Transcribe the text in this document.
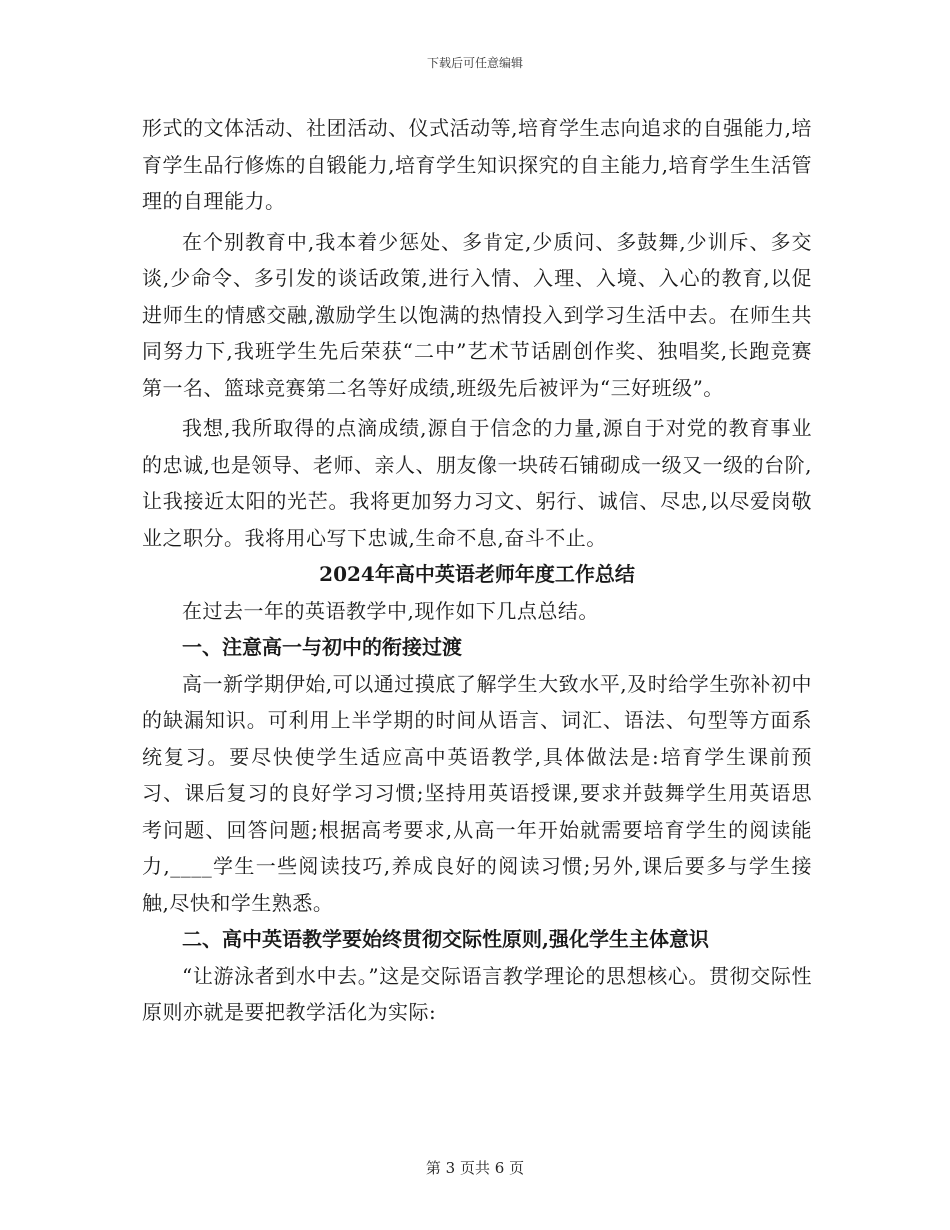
下载后可任意编辑

形式的文体活动、社团活动、仪式活动等,培育学生志向追求的自强能力,培育学生品行修炼的自锻能力,培育学生知识探究的自主能力,培育学生生活管理的自理能力。

在个别教育中,我本着少惩处、多肯定,少质问、多鼓舞,少训斥、多交谈,少命令、多引发的谈话政策,进行入情、入理、入境、入心的教育,以促进师生的情感交融,激励学生以饱满的热情投入到学习生活中去。在师生共同努力下,我班学生先后荣获“二中”艺术节话剧创作奖、独唱奖,长跑竞赛第一名、篮球竞赛第二名等好成绩,班级先后被评为“三好班级”。

我想,我所取得的点滴成绩,源自于信念的力量,源自于对党的教育事业的忠诚,也是领导、老师、亲人、朋友像一块砖石铺砌成一级又一级的台阶,让我接近太阳的光芒。我将更加努力习文、躬行、诚信、尽忠,以尽爱岗敬业之职分。我将用心写下忠诚,生命不息,奋斗不止。

2024年高中英语老师年度工作总结

在过去一年的英语教学中,现作如下几点总结。

一、注意高一与初中的衔接过渡

高一新学期伊始,可以通过摸底了解学生大致水平,及时给学生弥补初中的缺漏知识。可利用上半学期的时间从语言、词汇、语法、句型等方面系统复习。要尽快使学生适应高中英语教学,具体做法是:培育学生课前预习、课后复习的良好学习习惯;坚持用英语授课,要求并鼓舞学生用英语思考问题、回答问题;根据高考要求,从高一年开始就需要培育学生的阅读能力,____学生一些阅读技巧,养成良好的阅读习惯;另外,课后要多与学生接触,尽快和学生熟悉。

二、高中英语教学要始终贯彻交际性原则,强化学生主体意识

“让游泳者到水中去。”这是交际语言教学理论的思想核心。贯彻交际性原则亦就是要把教学活化为实际:

第 3 页共 6 页
